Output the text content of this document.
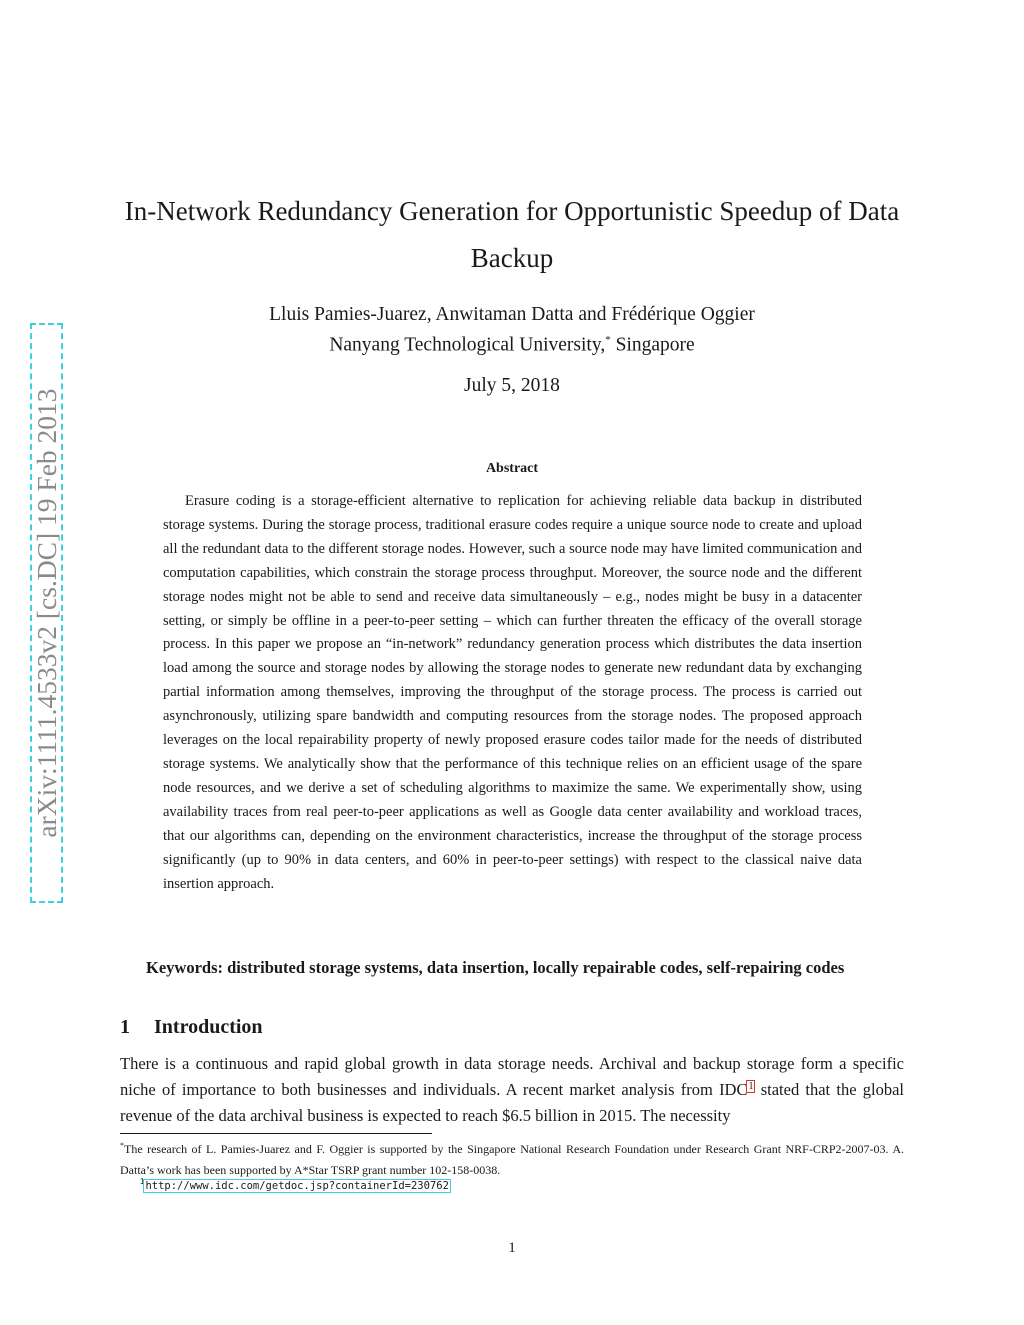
arXiv:1111.4533v2 [cs.DC] 19 Feb 2013
In-Network Redundancy Generation for Opportunistic Speedup of Data Backup
Lluis Pamies-Juarez, Anwitaman Datta and Frédérique Oggier
Nanyang Technological University,* Singapore
July 5, 2018
Abstract

Erasure coding is a storage-efficient alternative to replication for achieving reliable data backup in distributed storage systems. During the storage process, traditional erasure codes require a unique source node to create and upload all the redundant data to the different storage nodes. However, such a source node may have limited communication and computation capabilities, which constrain the storage process throughput. Moreover, the source node and the different storage nodes might not be able to send and receive data simultaneously – e.g., nodes might be busy in a datacenter setting, or simply be offline in a peer-to-peer setting – which can further threaten the efficacy of the overall storage process. In this paper we propose an “in-network” redundancy generation process which distributes the data insertion load among the source and storage nodes by allowing the storage nodes to generate new redundant data by exchanging partial information among themselves, improving the throughput of the storage process. The process is carried out asynchronously, utilizing spare bandwidth and computing resources from the storage nodes. The proposed approach leverages on the local repairability property of newly proposed erasure codes tailor made for the needs of distributed storage systems. We analytically show that the performance of this technique relies on an efficient usage of the spare node resources, and we derive a set of scheduling algorithms to maximize the same. We experimentally show, using availability traces from real peer-to-peer applications as well as Google data center availability and workload traces, that our algorithms can, depending on the environment characteristics, increase the throughput of the storage process significantly (up to 90% in data centers, and 60% in peer-to-peer settings) with respect to the classical naive data insertion approach.

Keywords: distributed storage systems, data insertion, locally repairable codes, self-repairing codes
1 Introduction

There is a continuous and rapid global growth in data storage needs. Archival and backup storage form a specific niche of importance to both businesses and individuals. A recent market analysis from IDC$^1$ stated that the global revenue of the data archival business is expected to reach $6.5 billion in 2015. The necessity

*The research of L. Pamies-Juarez and F. Oggier is supported by the Singapore National Research Foundation under Research Grant NRF-CRP2-2007-03. A. Datta’s work has been supported by A*Star TSRP grant number 102-158-0038.

$^1$http://www.idc.com/getdoc.jsp?containerId=230762
1
